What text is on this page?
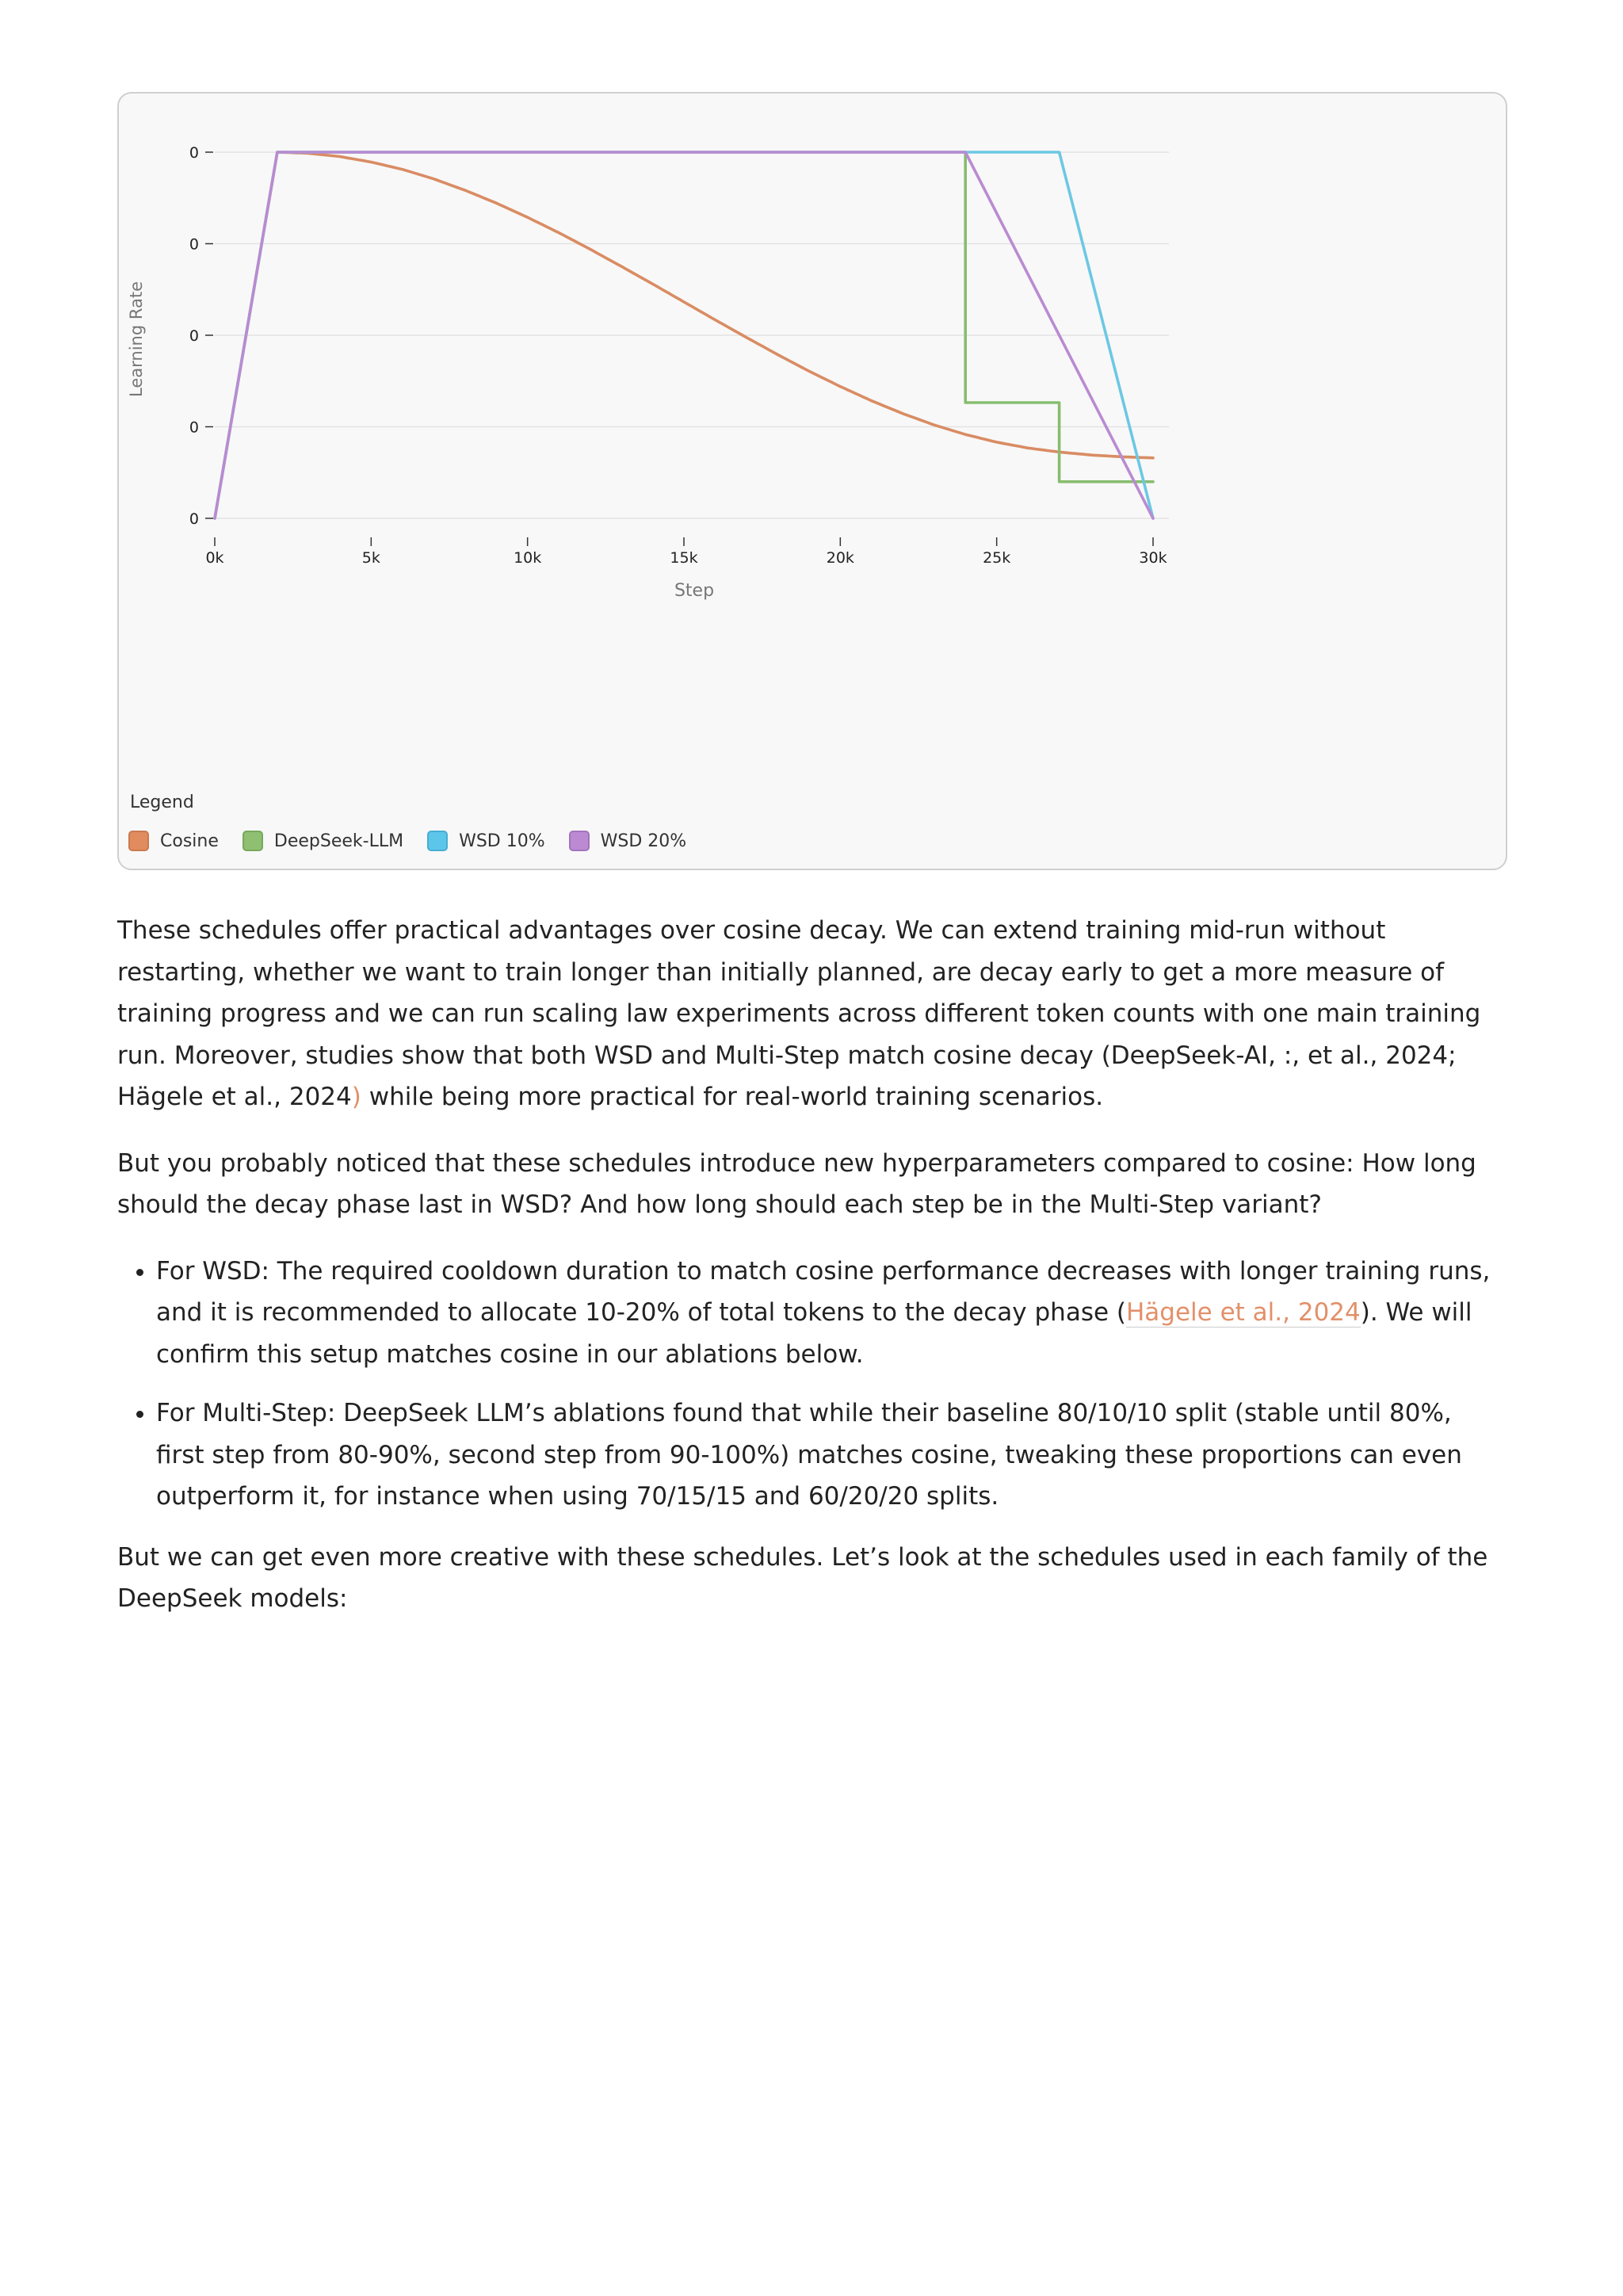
0
0
0
0
0
0k	5k	10k	15k	20k	25k	30k
Learning Rate
Step
Legend
Cosine	DeepSeek-LLM	WSD 10%	WSD 20%

These schedules offer practical advantages over cosine decay. We can extend training mid-run without restarting, whether we want to train longer than initially planned, are decay early to get a more measure of training progress and we can run scaling law experiments across different token counts with one main training run. Moreover, studies show that both WSD and Multi-Step match cosine decay (DeepSeek-AI, :, et al., 2024; Hägele et al., 2024) while being more practical for real-world training scenarios.

But you probably noticed that these schedules introduce new hyperparameters compared to cosine: How long should the decay phase last in WSD? And how long should each step be in the Multi-Step variant?

• For WSD: The required cooldown duration to match cosine performance decreases with longer training runs, and it is recommended to allocate 10-20% of total tokens to the decay phase (Hägele et al., 2024). We will confirm this setup matches cosine in our ablations below.
• For Multi-Step: DeepSeek LLM’s ablations found that while their baseline 80/10/10 split (stable until 80%, first step from 80-90%, second step from 90-100%) matches cosine, tweaking these proportions can even outperform it, for instance when using 70/15/15 and 60/20/20 splits.

But we can get even more creative with these schedules. Let’s look at the schedules used in each family of the DeepSeek models:
